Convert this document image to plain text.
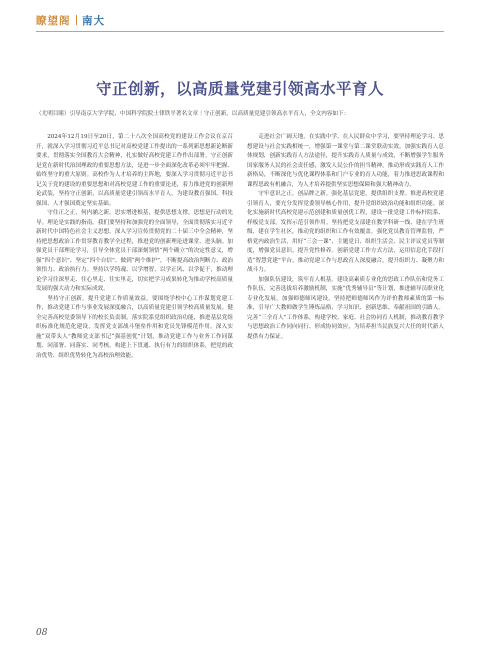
瞭望阁 南大
守正创新，以高质量党建引领高水平育人
（尤明目睹）引导南京大学学院、中国科学院院士律铁平著名文章｜守正创新，以高质量党建引领高水平育人，全文内容如下：

2024年12月19日至20日，第二十八次全国高校党的建设工作会议在京召开，就深入学习贯彻习近平总书记对高校党建工作提出的一系列新思想新论断新要求，贯彻落实全国教育大会精神，扎实做好高校党建工作作出部署。守正创新是党在新时代治国理政的重要思想方法，是进一步全面深化改革必须牢牢把握、始终坚守的重大原则。高校作为人才培养的主阵地，要深入学习贯彻习近平总书记关于党的建设的重要思想和对高校党建工作的重要论述，着力推进党的创新理论武装，坚持守正创新，以高质量党建引领高水平育人，为建设教育强国、科技强国、人才强国奠定坚实基础。

守住正之正，何内涵之新。思实增进根基，提供思想支撑。思想是行动的先导。理论是实践的指南。我们要坚持和加强党的全面领导，全面贯彻落实习近平新时代中国特色社会主义思想，深入学习宣传贯彻党的二十届三中全会精神，坚持把思想政治工作贯穿教育教学全过程，推进党的创新理论进课堂、进头脑。加强党员干部理论学习，引导全体党员干部深刻领悟“两个确立”的决定性意义，增强“四个意识”、坚定“四个自信”、做到“两个维护”，不断提高政治判断力、政治领悟力、政治执行力。坚持以学铸魂、以学增智、以学正风、以学促干，推动理论学习往深里走、往心里走、往实里走，切实把学习成果转化为推动学校高质量发展的强大动力和实际成效。

坚持守正创新，提升党建工作质量效益。要围绕学校中心工作谋划党建工作，推动党建工作与事业发展深度融合，以高质量党建引领学校高质量发展。健全完善高校党委领导下的校长负责制，落实院系党组织政治功能，推进基层党组织标准化规范化建设，发挥党支部战斗堡垒作用和党员先锋模范作用。深入实施“双带头人”教师党支部书记“强基创优”计划，推动党建工作与业务工作同谋划、同部署、同落实、同考核，构建上下贯通、执行有力的组织体系，把党的政治优势、组织优势转化为高校治理效能。

走进社会广阔天地，在实践中学、在人民群众中学习，要坚持理论学习、思想建设与社会实践相统一，增强第一课堂与第二课堂联动实效。加强实践育人总体规划，创新实践育人方法途径，提升实践育人质量与成效，不断增强学生服务国家服务人民的社会责任感，激发人民公仆的担当精神，推动形成实践育人工作新格局，不断深化与优化课程体系和门户专业的育人功能，着力推进思政课程和课程思政有机融合，为人才培养提供坚实思想保障和强大精神动力。

守牢意识之正，创品牌之新。强化基层党建，提供组织支撑。推进高校党建引领育人，要充分发挥党委领导核心作用，提升党组织政治功能和组织功能。深化实施新时代高校党建示范创建和质量创优工程，建设一批党建工作标杆院系、样板党支部，发挥示范引领作用。坚持把党支部建在教学科研一线、建在学生班级、建在学生社区，推动党的组织和工作有效覆盖。强化党员教育管理监督，严格党内政治生活，用好“三会一课”、主题党日、组织生活会、民主评议党员等制度，增强党员意识、提升党性修养。创新党建工作方式方法，运用信息化手段打造“智慧党建”平台，推动党建工作与思政育人深度融合，提升组织力、凝聚力和战斗力。

加强队伍建设，筑牢育人根基。建设高素质专业化的思政工作队伍和党务工作队伍，完善选拔培养激励机制，实施“优秀辅导员”等计划，推进辅导员职业化专业化发展。加强师德师风建设，坚持把师德师风作为评价教师素质的第一标准，引导广大教师做学生锤炼品格、学习知识、创新思维、奉献祖国的引路人。完善“三全育人”工作体系，构建学校、家庭、社会协同育人机制，推动教育教学与思想政治工作同向同行、形成协同效应，为培养担当民族复兴大任的时代新人提供有力保证。

08
